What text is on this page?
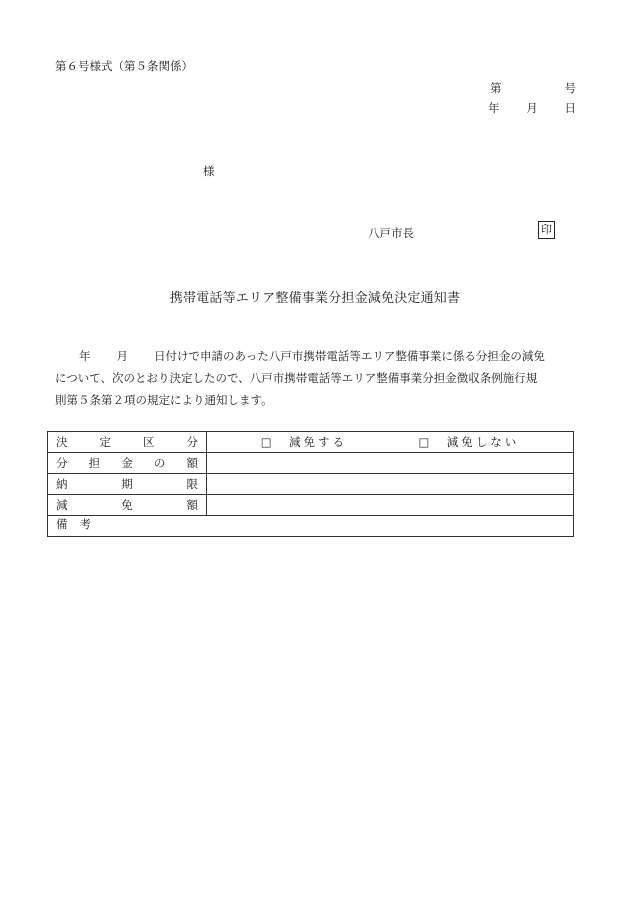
第６号様式（第５条関係）
第	号
年 月 日
様
八戸市長	印
携帯電話等エリア整備事業分担金減免決定通知書

年 月 日付けで申請のあった八戸市携帯電話等エリア整備事業に係る分担金の減免

について、次のとおり決定したので、八戸市携帯電話等エリア整備事業分担金徴収条例施行規

則第５条第２項の規定により通知します。

決 定 区 分	□　減免する □　減免しない

分 担 金 の 額	

納 期 限	

減 免 額	

備考	
